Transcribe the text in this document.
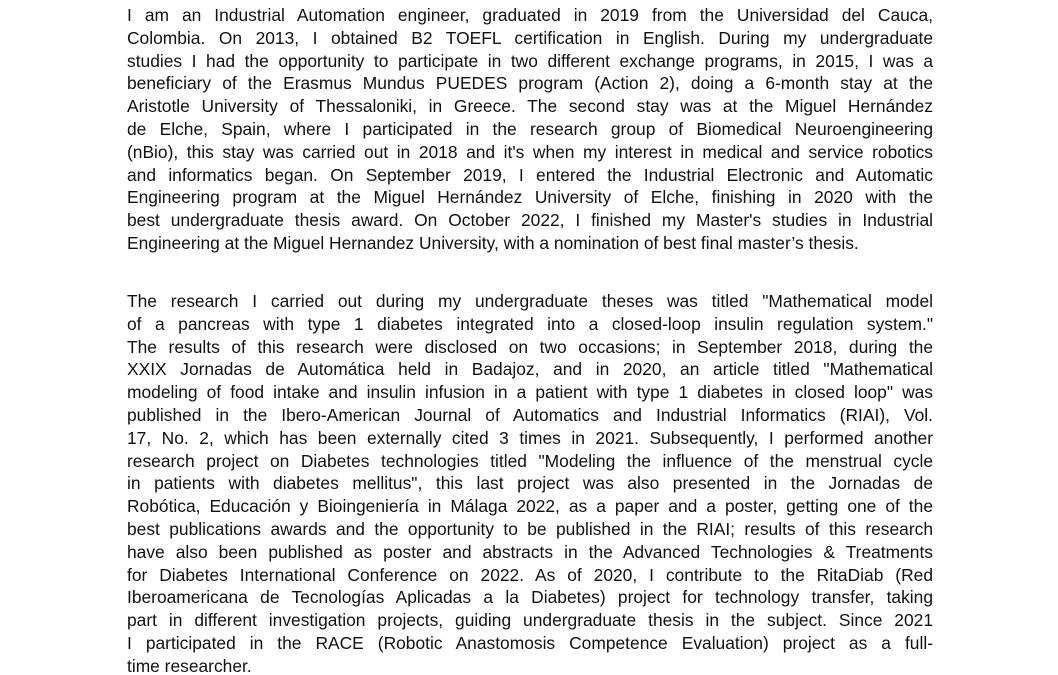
I am an Industrial Automation engineer, graduated in 2019 from the Universidad del Cauca,
Colombia. On 2013, I obtained B2 TOEFL certification in English. During my undergraduate
studies I had the opportunity to participate in two different exchange programs, in 2015, I was a
beneficiary of the Erasmus Mundus PUEDES program (Action 2), doing a 6-month stay at the
Aristotle University of Thessaloniki, in Greece. The second stay was at the Miguel Hernández
de Elche, Spain, where I participated in the research group of Biomedical Neuroengineering
(nBio), this stay was carried out in 2018 and it's when my interest in medical and service robotics
and informatics began. On September 2019, I entered the Industrial Electronic and Automatic
Engineering program at the Miguel Hernández University of Elche, finishing in 2020 with the
best undergraduate thesis award. On October 2022, I finished my Master's studies in Industrial
Engineering at the Miguel Hernandez University, with a nomination of best final master’s thesis.
The research I carried out during my undergraduate theses was titled "Mathematical model
of a pancreas with type 1 diabetes integrated into a closed-loop insulin regulation system."
The results of this research were disclosed on two occasions; in September 2018, during the
XXIX Jornadas de Automática held in Badajoz, and in 2020, an article titled "Mathematical
modeling of food intake and insulin infusion in a patient with type 1 diabetes in closed loop" was
published in the Ibero-American Journal of Automatics and Industrial Informatics (RIAI), Vol.
17, No. 2, which has been externally cited 3 times in 2021. Subsequently, I performed another
research project on Diabetes technologies titled "Modeling the influence of the menstrual cycle
in patients with diabetes mellitus", this last project was also presented in the Jornadas de
Robótica, Educación y Bioingeniería in Málaga 2022, as a paper and a poster, getting one of the
best publications awards and the opportunity to be published in the RIAI; results of this research
have also been published as poster and abstracts in the Advanced Technologies & Treatments
for Diabetes International Conference on 2022. As of 2020, I contribute to the RitaDiab (Red
Iberoamericana de Tecnologías Aplicadas a la Diabetes) project for technology transfer, taking
part in different investigation projects, guiding undergraduate thesis in the subject. Since 2021
I participated in the RACE (Robotic Anastomosis Competence Evaluation) project as a full-
time researcher.
